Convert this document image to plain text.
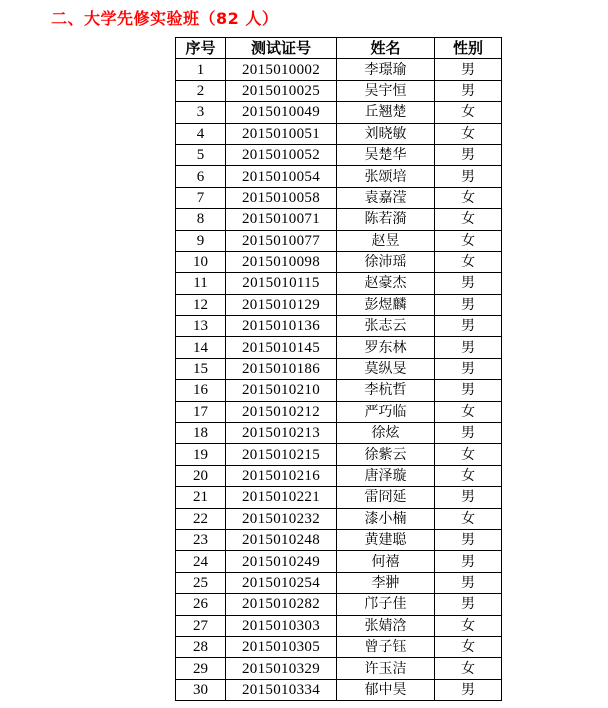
二、大学先修实验班（82 人）
序号	测试证号	姓名	性别
1	2015010002	李璟瑜	男
2	2015010025	吴宇恒	男
3	2015010049	丘翘楚	女
4	2015010051	刘晓敏	女
5	2015010052	吴楚华	男
6	2015010054	张颂培	男
7	2015010058	袁嘉滢	女
8	2015010071	陈若漪	女
9	2015010077	赵昱	女
10	2015010098	徐沛瑶	女
11	2015010115	赵豪杰	男
12	2015010129	彭煜麟	男
13	2015010136	张志云	男
14	2015010145	罗东林	男
15	2015010186	莫纵旻	男
16	2015010210	李杭哲	男
17	2015010212	严巧临	女
18	2015010213	徐炫	男
19	2015010215	徐紫云	女
20	2015010216	唐泽璇	女
21	2015010221	雷冏延	男
22	2015010232	漆小楠	女
23	2015010248	黄建聪	男
24	2015010249	何禧	男
25	2015010254	李翀	男
26	2015010282	邝子佳	男
27	2015010303	张婧浛	女
28	2015010305	曾子钰	女
29	2015010329	许玉洁	女
30	2015010334	郁中昊	男
